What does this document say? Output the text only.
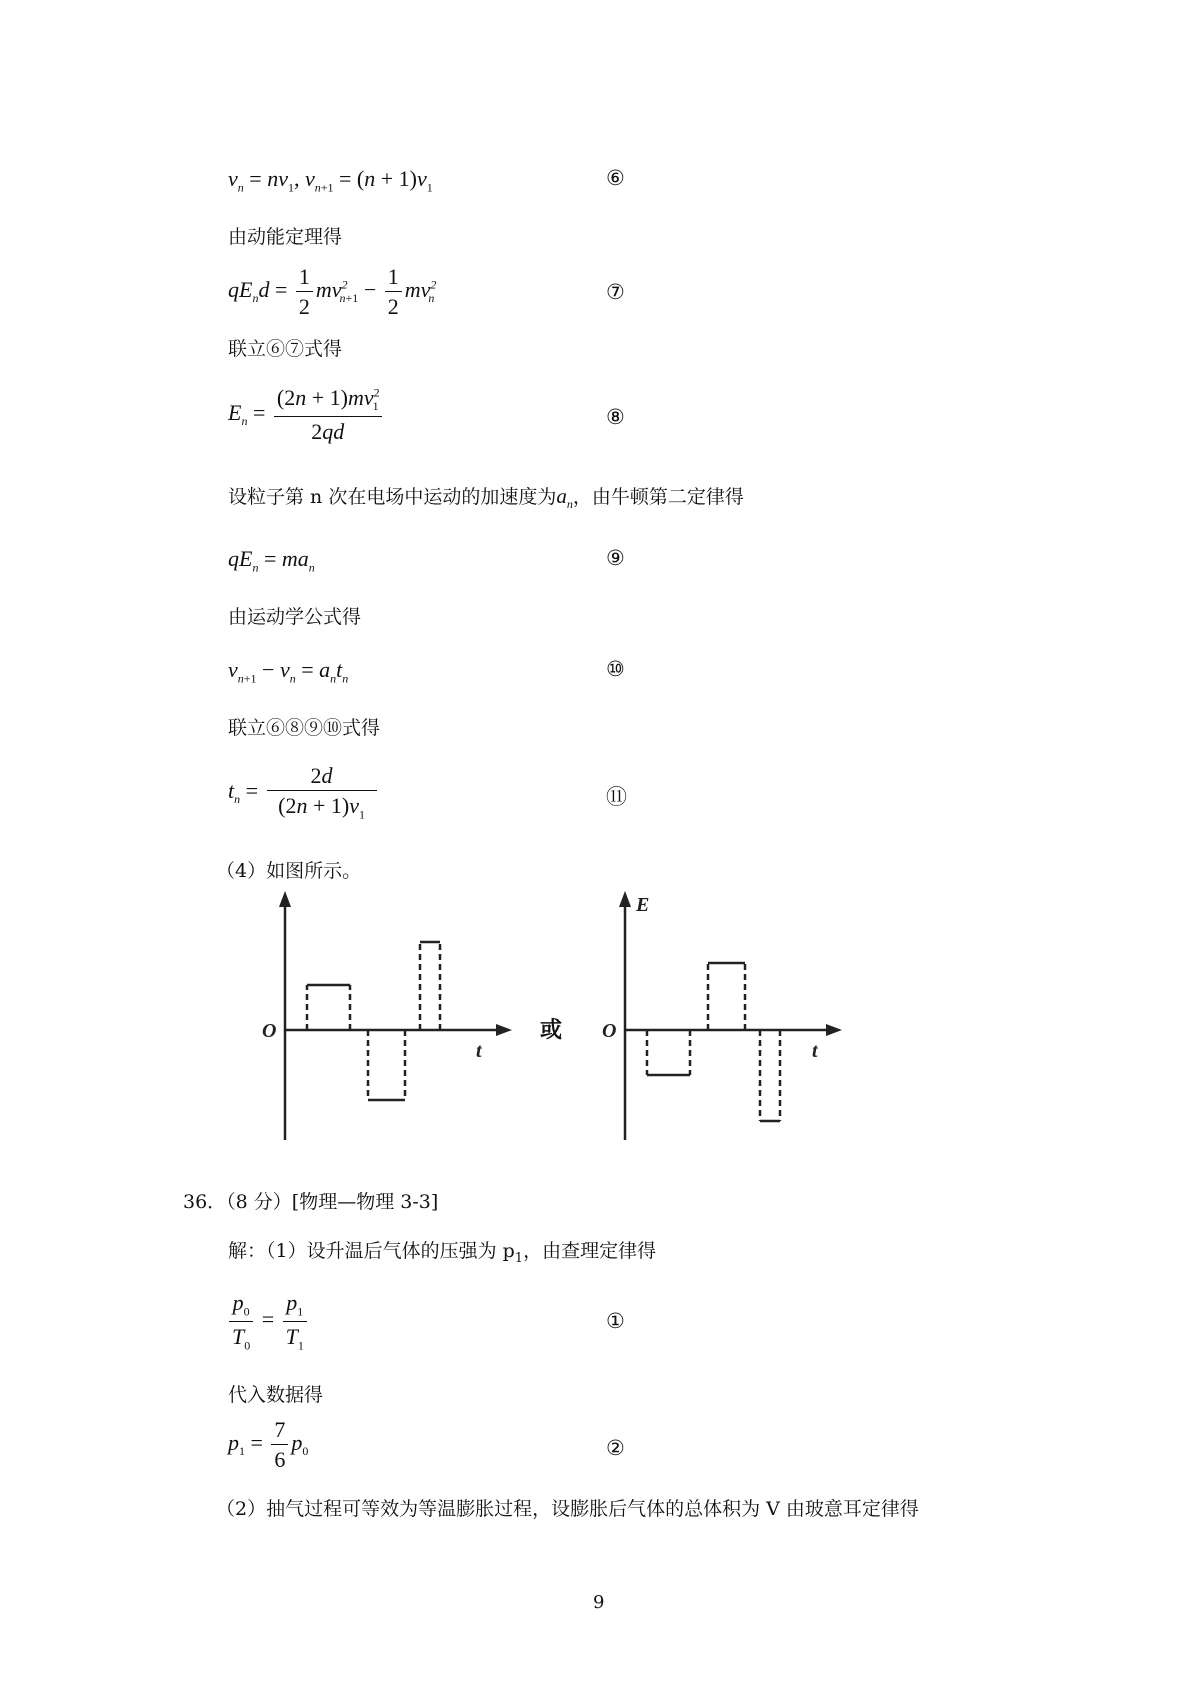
$v_n = nv_1$, $v_{n+1} = (n + 1)v_1$	⑥
由动能定理得
$qE_nd = \frac{1}{2} mv^2_{n+1} - \frac{1}{2} mv^2_n$	⑦
联立⑥⑦式得
$E_n = \frac{(2n + 1)mv^2_1}{2qd}$	⑧
设粒子第 n 次在电场中运动的加速度为$a_n$，由牛顿第二定律得
$qE_n = ma_n$	⑨
由运动学公式得
$v_{n+1} - v_n = a_nt_n$	⑩
联立⑥⑧⑨⑩式得
$t_n = \frac{2d}{(2n + 1)v_1}$	⑪
（4）如图所示。
O
t
或
E
O
t
36．（8 分）[物理—物理 3-3]
解：（1）设升温后气体的压强为 $p_1$，由查理定律得
$\frac{p_0}{T_0} = \frac{p_1}{T_1}$	①
代入数据得
$p_1 = \frac{7}{6} p_0$	②
（2）抽气过程可等效为等温膨胀过程，设膨胀后气体的总体积为 V 由玻意耳定律得
9
